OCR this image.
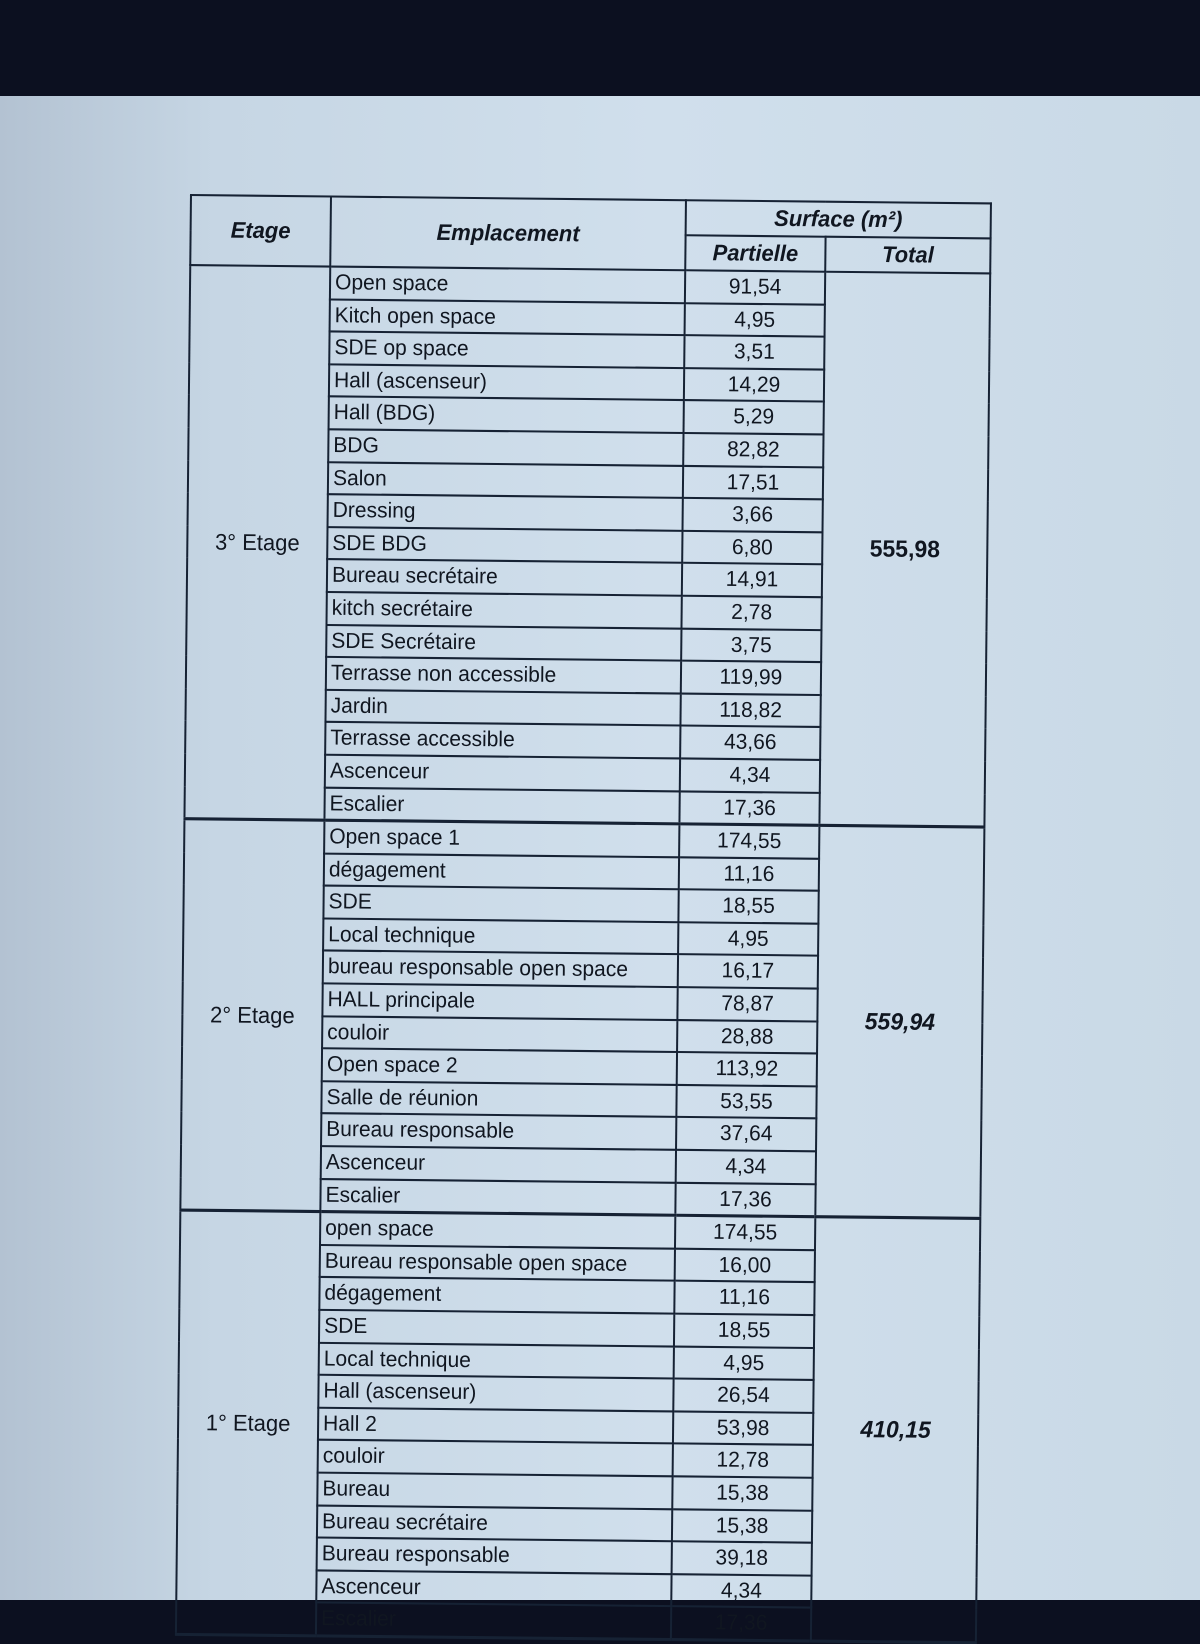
Etage	Emplacement	Surface (m²)	
		Partielle	Total
3° Etage	Open space	91,54	555,98
	Kitch open space	4,95	
	SDE op space	3,51	
	Hall (ascenseur)	14,29	
	Hall (BDG)	5,29	
	BDG	82,82	
	Salon	17,51	
	Dressing	3,66	
	SDE BDG	6,80	
	Bureau secrétaire	14,91	
	kitch secrétaire	2,78	
	SDE Secrétaire	3,75	
	Terrasse non accessible	119,99	
	Jardin	118,82	
	Terrasse accessible	43,66	
	Ascenceur	4,34	
	Escalier	17,36	
2° Etage	Open space 1	174,55	559,94
	dégagement	11,16	
	SDE	18,55	
	Local technique	4,95	
	bureau responsable open space	16,17	
	HALL principale	78,87	
	couloir	28,88	
	Open space 2	113,92	
	Salle de réunion	53,55	
	Bureau responsable	37,64	
	Ascenceur	4,34	
	Escalier	17,36	
1° Etage	open space	174,55	410,15
	Bureau responsable open space	16,00	
	dégagement	11,16	
	SDE	18,55	
	Local technique	4,95	
	Hall (ascenseur)	26,54	
	Hall 2	53,98	
	couloir	12,78	
	Bureau	15,38	
	Bureau secrétaire	15,38	
	Bureau responsable	39,18	
	Ascenceur	4,34	
	Escalier	17,36	
